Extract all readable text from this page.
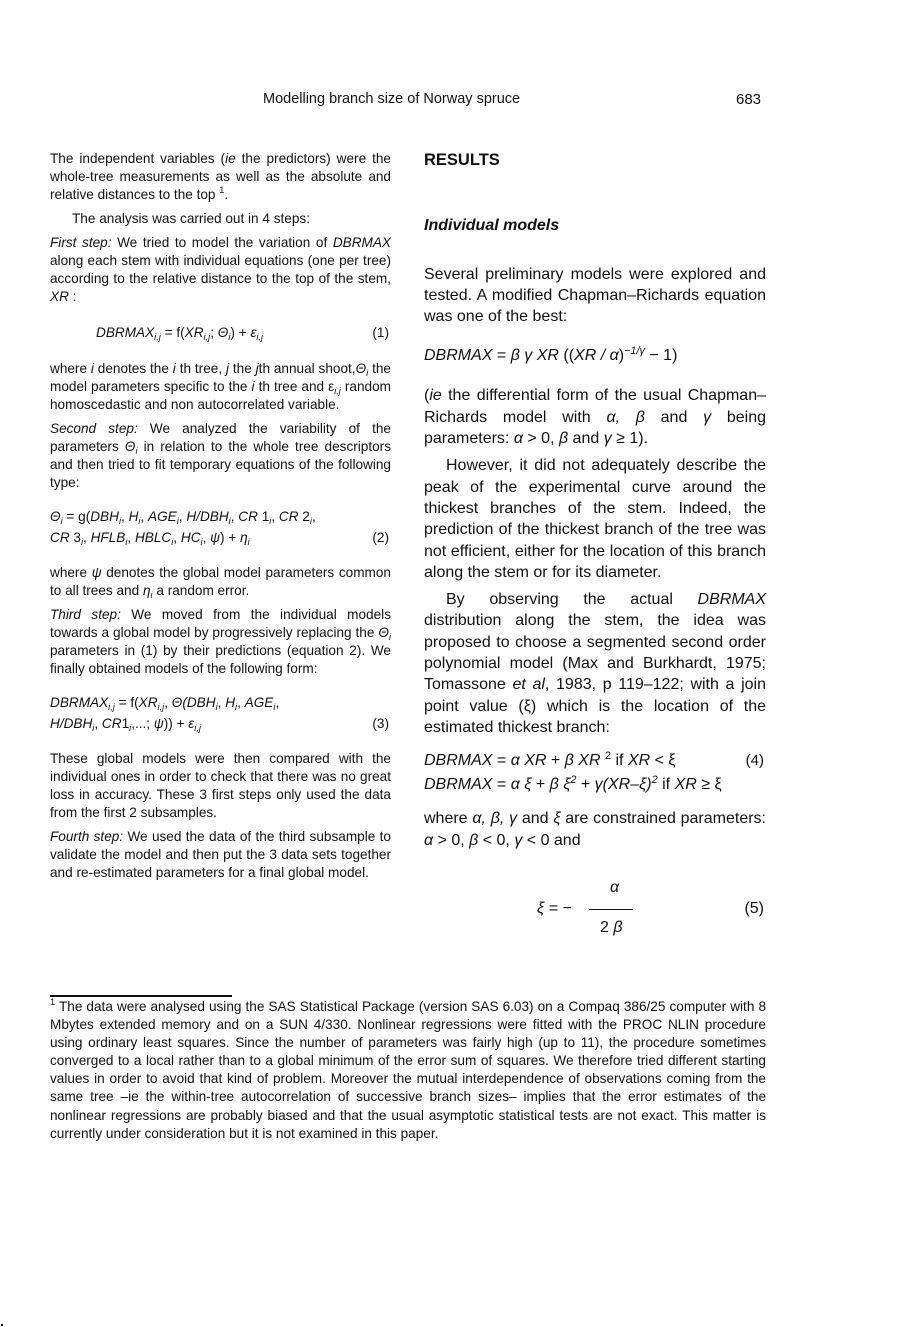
Modelling branch size of Norway spruce	683

The independent variables (ie the predictors) were the whole-tree measurements as well as the absolute and relative distances to the top $^1$.

The analysis was carried out in 4 steps:

First step: We tried to model the variation of DBRMAX along each stem with individual equations (one per tree) according to the relative distance to the top of the stem, XR :

$DBRMAX_{i,j} = f(XR_{i,j}$; $\Theta_i) + \varepsilon_{i,j}$	(1)

where i denotes the i th tree, j the jth annual $shoot,\Theta_i$ the model parameters specific to the i th tree and $\varepsilon_{i,j}$ random homoscedastic and non autocorrelated variable.

Second step: We analyzed the variability of the parameters $\Theta_i$ in relation to the whole tree descriptors and then tried to fit temporary equations of the following type:

$\Theta_i = g(DBH_i$, $H_i$, $AGE_i$, $H/DBH_i$, CR $1_i$, CR $2_i$,
CR $3_i$, $HFLB_i$, $HBLC_i$, $HC_i$, $\psi) + \eta_i$	(2)

where ψ denotes the global model parameters common to all trees and $\eta_i$ a random error.

Third step: We moved from the individual models towards a global model by progressively replacing the $\Theta_i$ parameters in (1) by their predictions (equation 2). We finally obtained models of the following form:

$DBRMAX_{i,j} = f(XR_{i,j}$, $\Theta(DBH_i$, $H_i$, $AGE_i$,
$H/DBH_i$, $CR1_i$,...; $\psi)) + \varepsilon_{i,j}$	(3)

These global models were then compared with the individual ones in order to check that there was no great loss in accuracy. These 3 first steps only used the data from the first 2 subsamples.

Fourth step: We used the data of the third subsample to validate the model and then put the 3 data sets together and re-estimated parameters for a final global model.

RESULTS
Individual models

Several preliminary models were explored and tested. A modified Chapman–Richards equation was one of the best:

DBRMAX = β γ XR ((XR / α)$^{-1/\gamma}$ − 1)

(ie the differential form of the usual Chapman–Richards model with α, β and γ being parameters: α > 0, β and γ ≥ 1).

However, it did not adequately describe the peak of the experimental curve around the thickest branches of the stem. Indeed, the prediction of the thickest branch of the tree was not efficient, either for the location of this branch along the stem or for its diameter.

By observing the actual DBRMAX distribution along the stem, the idea was proposed to choose a segmented second order polynomial model (Max and Burkhardt, 1975; Tomassone et al, 1983, p 119–122; with a join point value (ξ) which is the location of the estimated thickest branch:

DBRMAX = α XR + β XR $^2$ if XR < ξ
DBRMAX = α ξ + β $\xi^2 + \gamma(XR-\xi)^2$ if XR ≥ ξ
(4)

where α, β, γ and ξ are constrained parameters: α > 0, β < 0, γ < 0 and

ξ = −
α
2 β
(5)
$^1$ The data were analysed using the SAS Statistical Package (version SAS 6.03) on a Compaq 386/25 computer with 8 Mbytes extended memory and on a SUN 4/330. Nonlinear regressions were fitted with the PROC NLIN procedure using ordinary least squares. Since the number of parameters was fairly high (up to 11), the procedure sometimes converged to a local rather than to a global minimum of the error sum of squares. We therefore tried different starting values in order to avoid that kind of problem. Moreover the mutual interdependence of observations coming from the same tree –ie the within-tree autocorrelation of successive branch sizes– implies that the error estimates of the nonlinear regressions are probably biased and that the usual asymptotic statistical tests are not exact. This matter is currently under consideration but it is not examined in this paper.
